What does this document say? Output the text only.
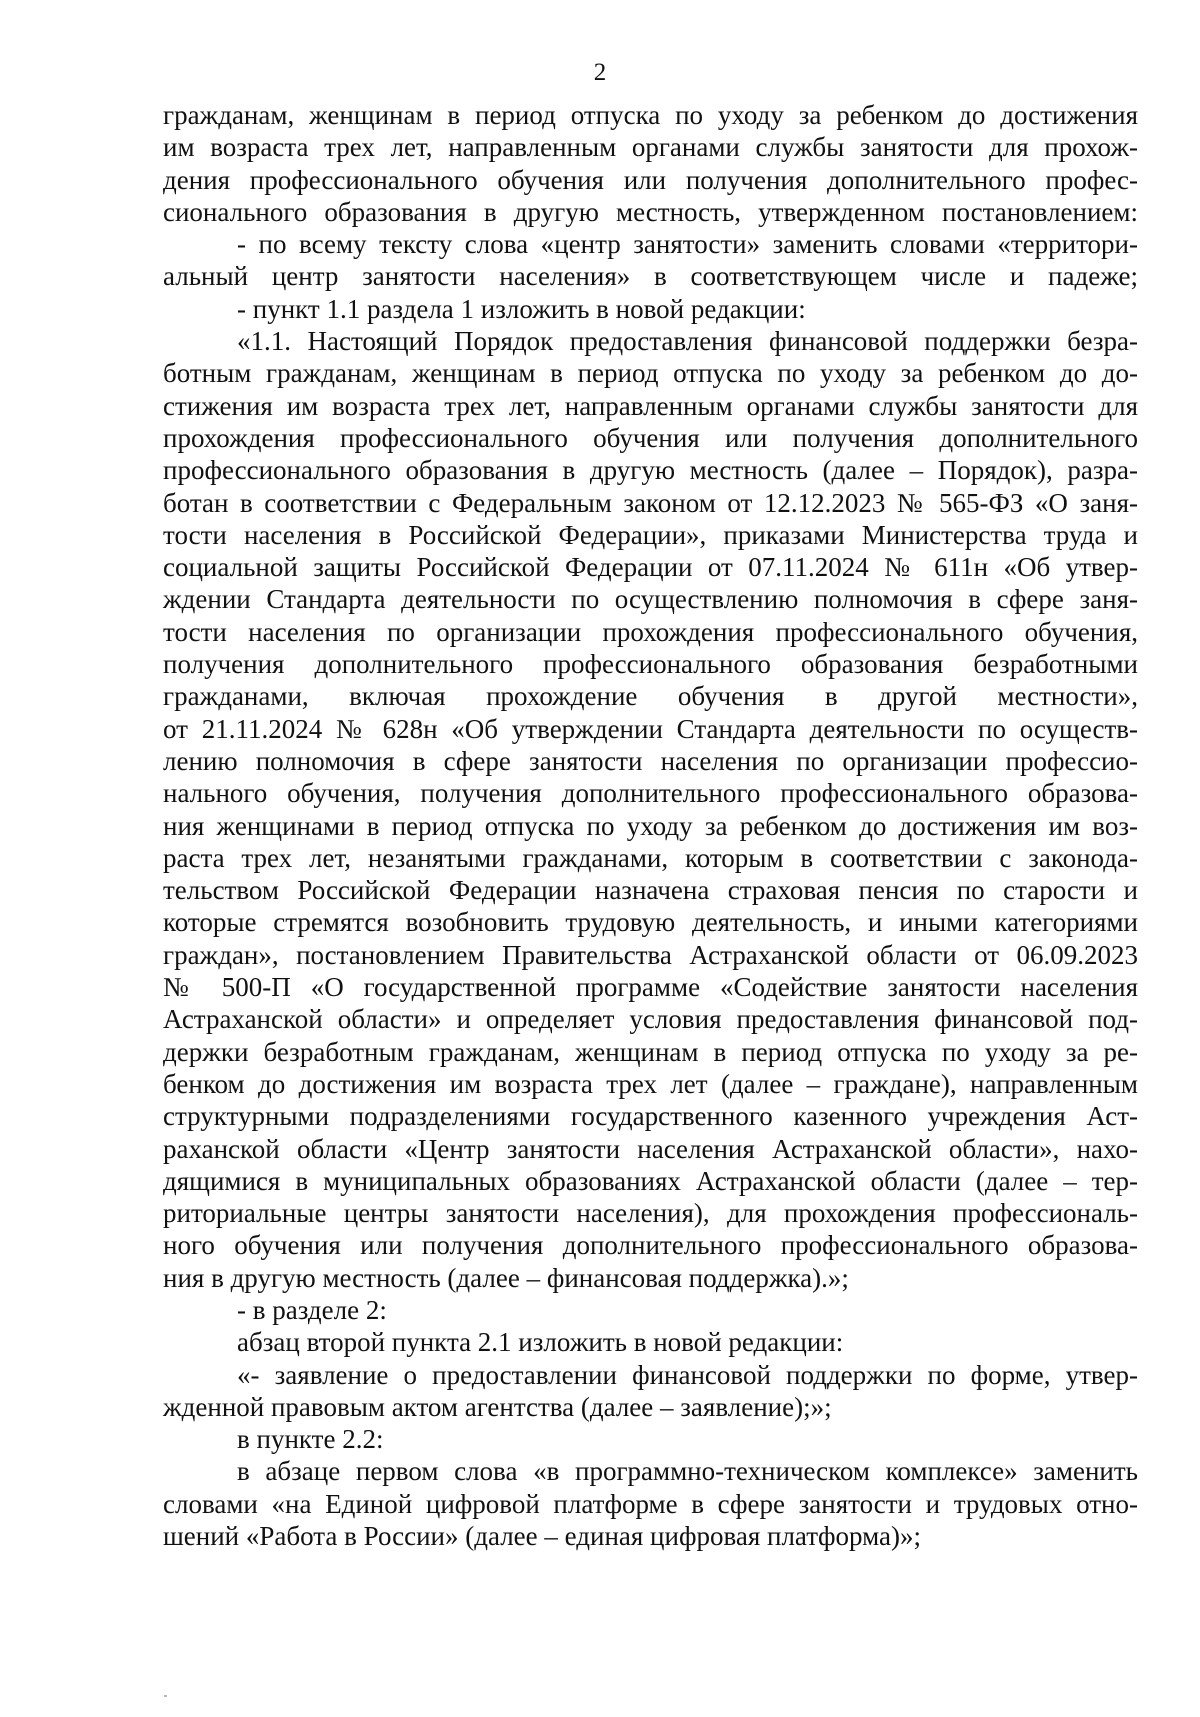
2
гражданам, женщинам в период отпуска по уходу за ребенком до достижения
им возраста трех лет, направленным органами службы занятости для прохож-
дения профессионального обучения или получения дополнительного профес-
сионального образования в другую местность, утвержденном постановлением:
- по всему тексту слова «центр занятости» заменить словами «территори-
альный центр занятости населения» в соответствующем числе и падеже;
- пункт 1.1 раздела 1 изложить в новой редакции:
«1.1. Настоящий Порядок предоставления финансовой поддержки безра-
ботным гражданам, женщинам в период отпуска по уходу за ребенком до до-
стижения им возраста трех лет, направленным органами службы занятости для
прохождения профессионального обучения или получения дополнительного
профессионального образования в другую местность (далее – Порядок), разра-
ботан в соответствии с Федеральным законом от 12.12.2023 № 565-ФЗ «О заня-
тости населения в Российской Федерации», приказами Министерства труда и
социальной защиты Российской Федерации от 07.11.2024 № 611н «Об утвер-
ждении Стандарта деятельности по осуществлению полномочия в сфере заня-
тости населения по организации прохождения профессионального обучения,
получения дополнительного профессионального образования безработными
гражданами, включая прохождение обучения в другой местности»,
от 21.11.2024 № 628н «Об утверждении Стандарта деятельности по осуществ-
лению полномочия в сфере занятости населения по организации профессио-
нального обучения, получения дополнительного профессионального образова-
ния женщинами в период отпуска по уходу за ребенком до достижения им воз-
раста трех лет, незанятыми гражданами, которым в соответствии с законода-
тельством Российской Федерации назначена страховая пенсия по старости и
которые стремятся возобновить трудовую деятельность, и иными категориями
граждан», постановлением Правительства Астраханской области от 06.09.2023
№ 500-П «О государственной программе «Содействие занятости населения
Астраханской области» и определяет условия предоставления финансовой под-
держки безработным гражданам, женщинам в период отпуска по уходу за ре-
бенком до достижения им возраста трех лет (далее – граждане), направленным
структурными подразделениями государственного казенного учреждения Аст-
раханской области «Центр занятости населения Астраханской области», нахо-
дящимися в муниципальных образованиях Астраханской области (далее – тер-
риториальные центры занятости населения), для прохождения профессиональ-
ного обучения или получения дополнительного профессионального образова-
ния в другую местность (далее – финансовая поддержка).»;
- в разделе 2:
абзац второй пункта 2.1 изложить в новой редакции:
«- заявление о предоставлении финансовой поддержки по форме, утвер-
жденной правовым актом агентства (далее – заявление);»;
в пункте 2.2:
в абзаце первом слова «в программно-техническом комплексе» заменить
словами «на Единой цифровой платформе в сфере занятости и трудовых отно-
шений «Работа в России» (далее – единая цифровая платформа)»;
